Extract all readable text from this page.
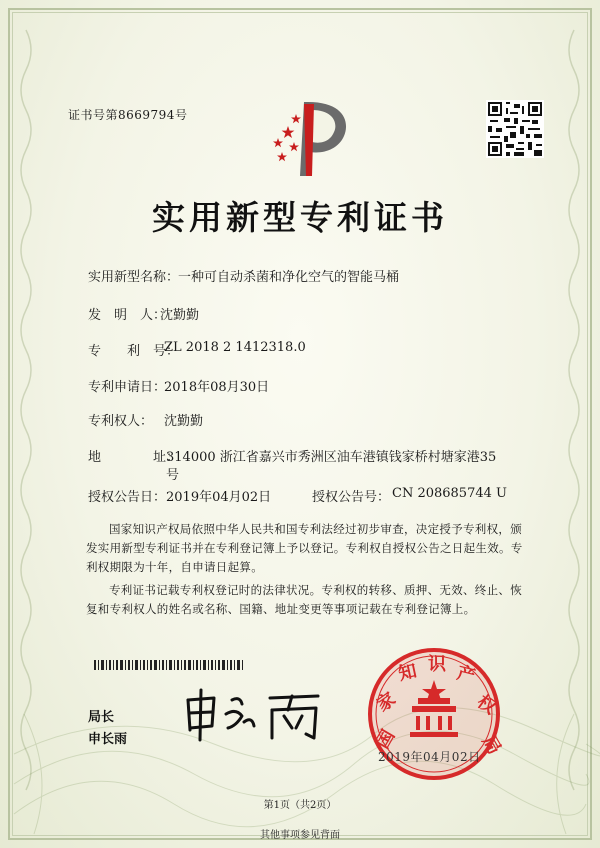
证书号第8669794号
实用新型专利证书
实用新型名称：
一种可自动杀菌和净化空气的智能马桶
发　明　人：
沈勤勤
专　　利　号：
ZL 2018 2 1412318.0
专利申请日：
2018年08月30日
专利权人： 沈勤勤
地　　　　址：
314000 浙江省嘉兴市秀洲区油车港镇钱家桥村塘家港35
号
授权公告日： 2019年04月02日	授权公告号： CN 208685744 U
国家知识产权局依照中华人民共和国专利法经过初步审查，决定授予专利权，颁发实用新型专利证书并在专利登记簿上予以登记。专利权自授权公告之日起生效。专利权期限为十年，自申请日起算。
专利证书记载专利权登记时的法律状况。专利权的转移、质押、无效、终止、恢复和专利权人的姓名或名称、国籍、地址变更等事项记载在专利登记簿上。
局长
申长雨	国
家
知 识 产
权
局
2019年04月02日
第1页（共2页）
其他事项参见背面
